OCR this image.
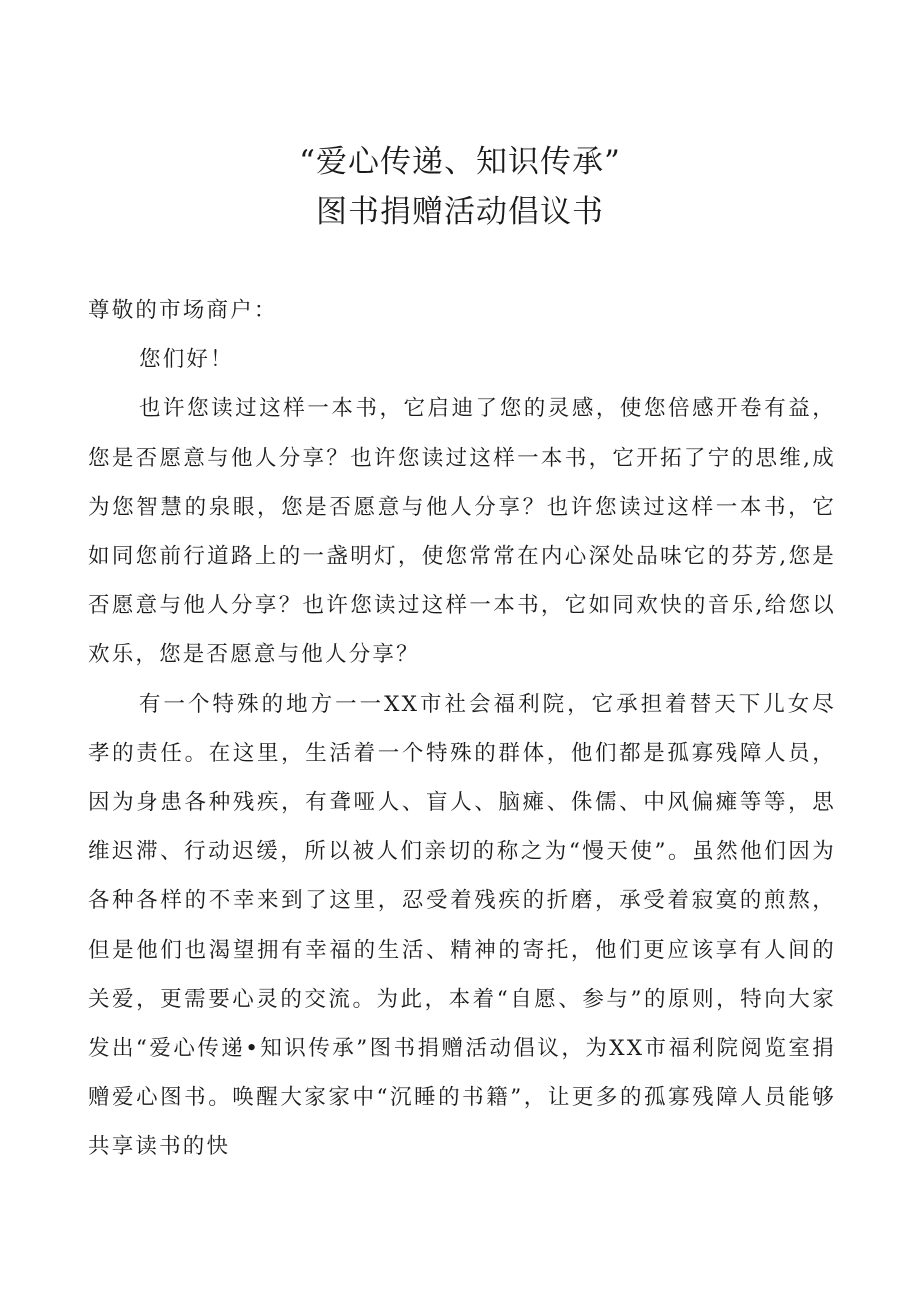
“爱心传递、知识传承”
图书捐赠活动倡议书

尊敬的市场商户：

您们好！

也许您读过这样一本书，它启迪了您的灵感，使您倍感开卷有益，您是否愿意与他人分享？也许您读过这样一本书，它开拓了宁的思维,成为您智慧的泉眼，您是否愿意与他人分享？也许您读过这样一本书，它如同您前行道路上的一盏明灯，使您常常在内心深处品味它的芬芳,您是否愿意与他人分享？也许您读过这样一本书，它如同欢快的音乐,给您以欢乐，您是否愿意与他人分享？

有一个特殊的地方一一XX市社会福利院，它承担着替天下儿女尽孝的责任。在这里，生活着一个特殊的群体，他们都是孤寡残障人员，因为身患各种残疾，有聋哑人、盲人、脑瘫、侏儒、中风偏瘫等等，思维迟滞、行动迟缓，所以被人们亲切的称之为“慢天使”。虽然他们因为各种各样的不幸来到了这里，忍受着残疾的折磨，承受着寂寞的煎熬，但是他们也渴望拥有幸福的生活、精神的寄托，他们更应该享有人间的关爱，更需要心灵的交流。为此，本着“自愿、参与”的原则，特向大家发出“爱心传递•知识传承”图书捐赠活动倡议，为XX市福利院阅览室捐赠爱心图书。唤醒大家家中“沉睡的书籍”，让更多的孤寡残障人员能够共享读书的快
